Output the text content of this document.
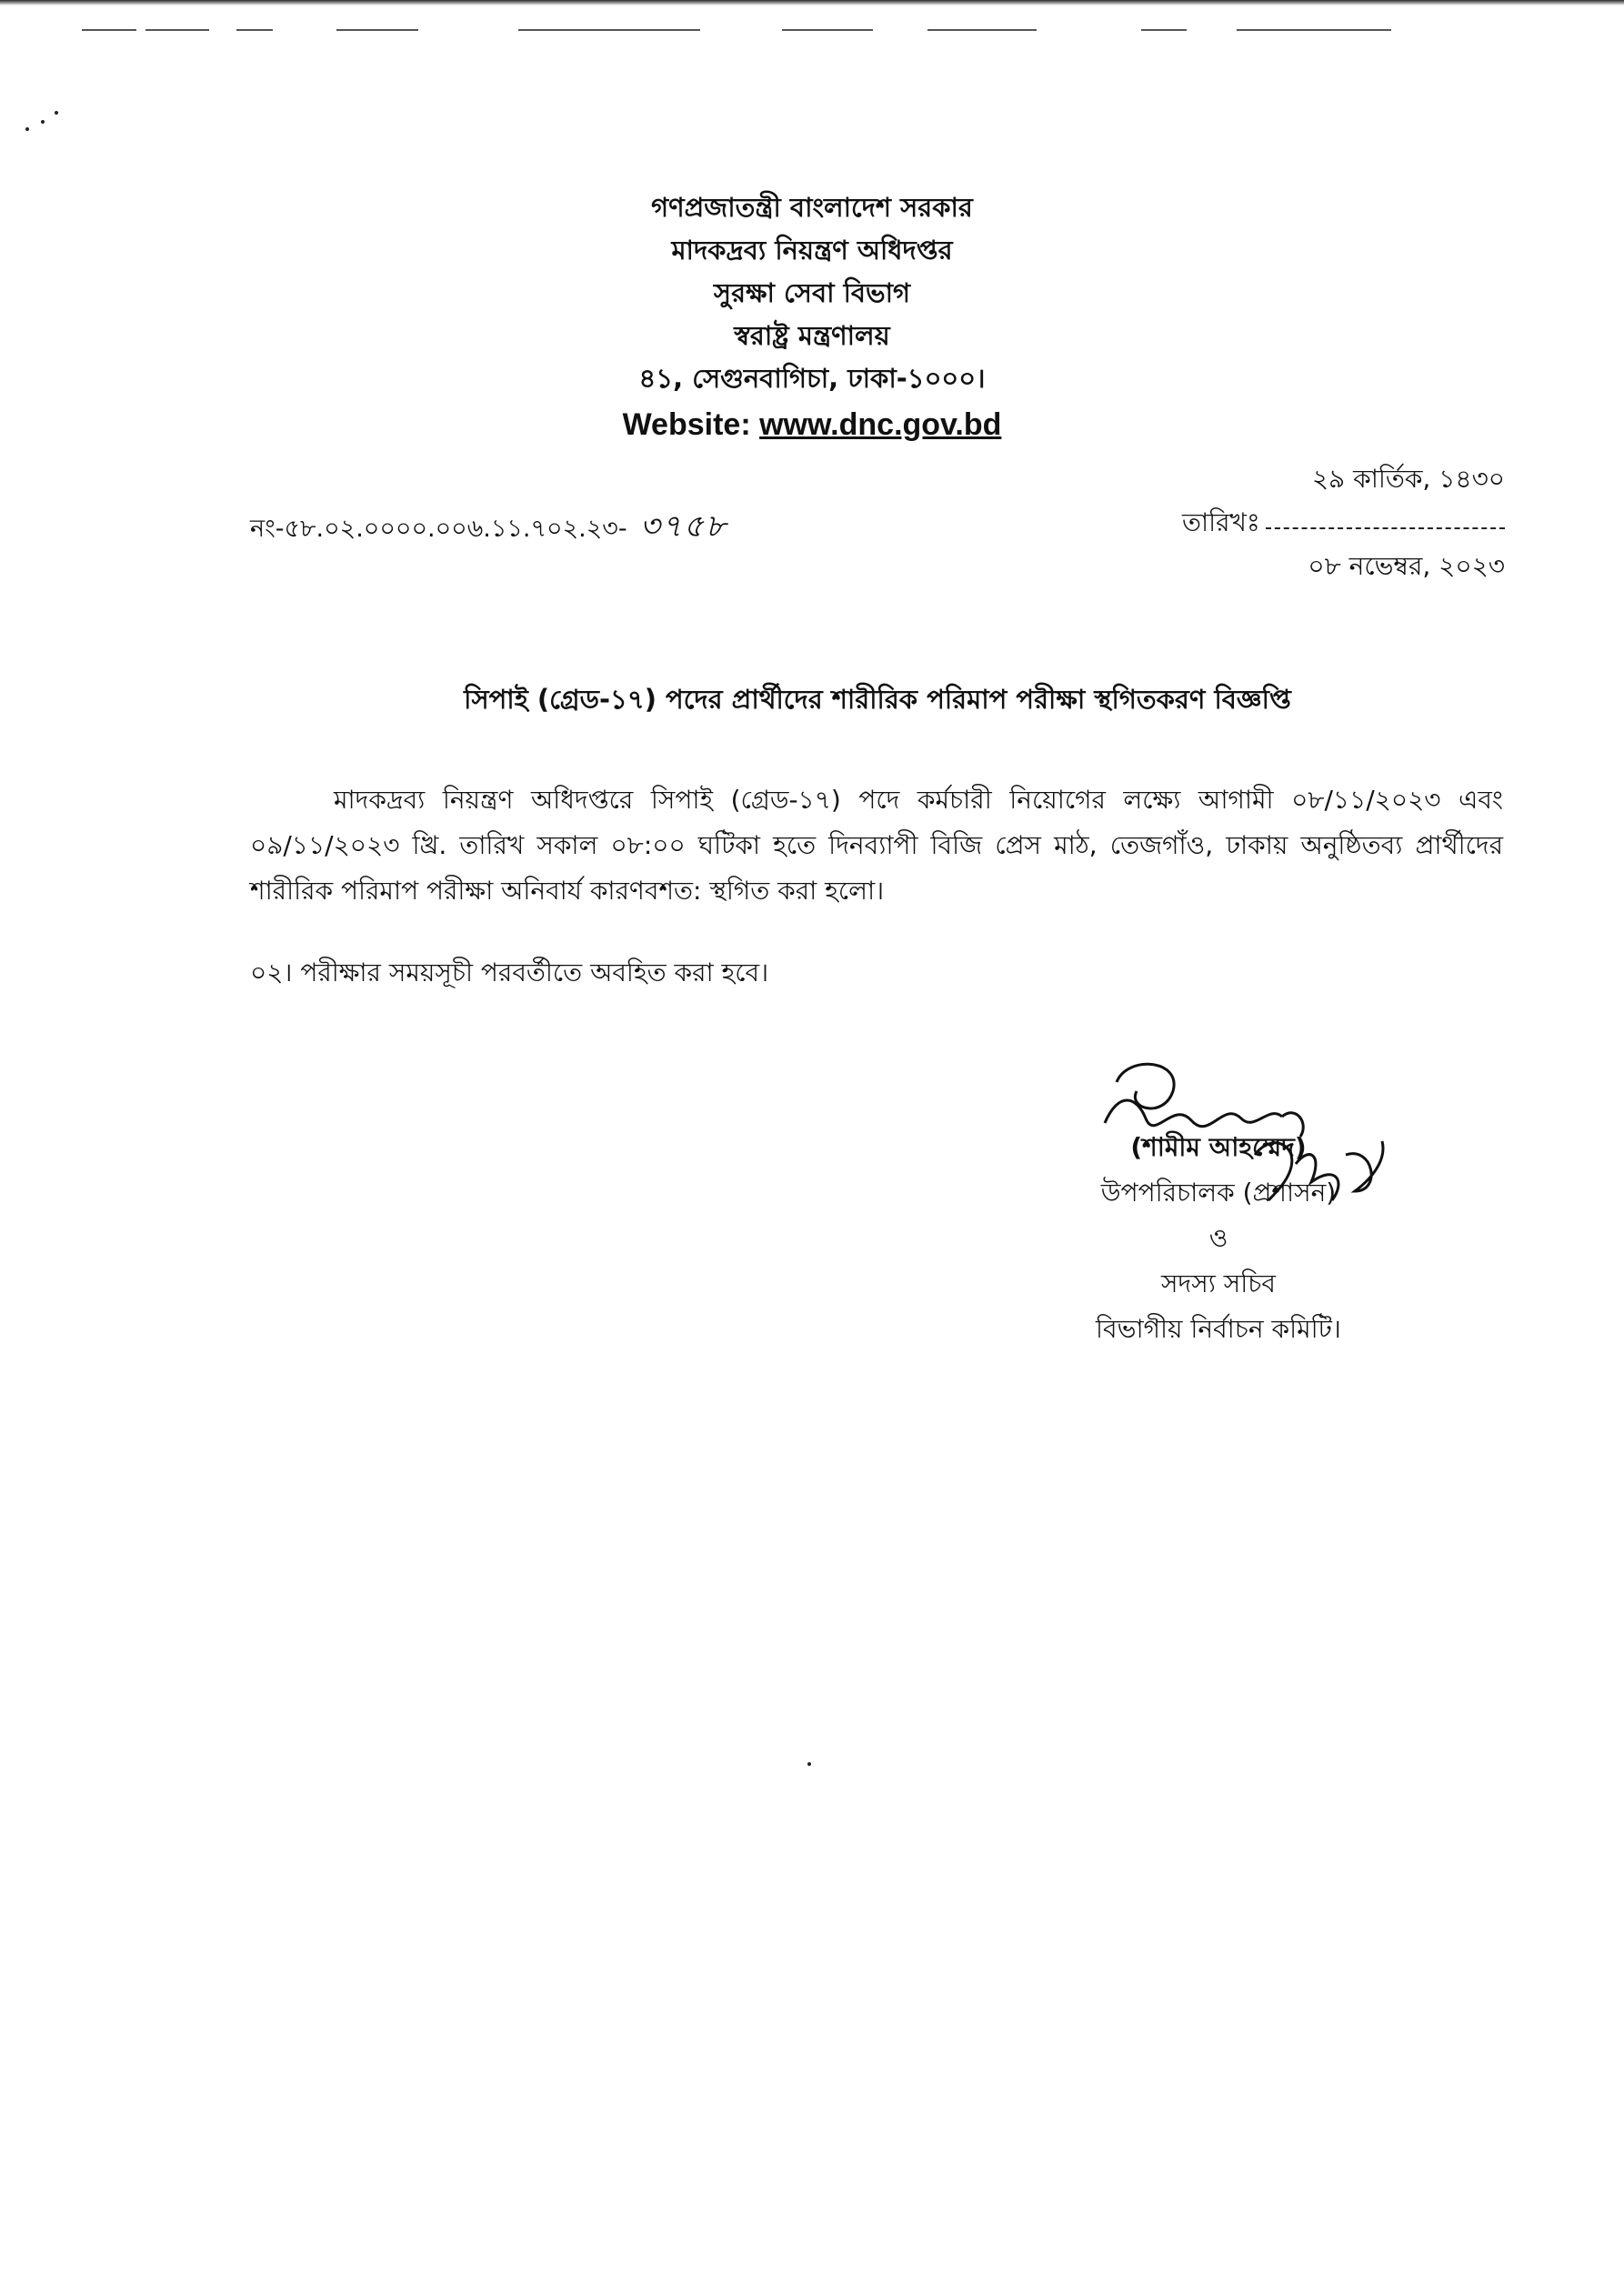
গণপ্রজাতন্ত্রী বাংলাদেশ সরকার
মাদকদ্রব্য নিয়ন্ত্রণ অধিদপ্তর
সুরক্ষা সেবা বিভাগ
স্বরাষ্ট্র মন্ত্রণালয়
৪১, সেগুনবাগিচা, ঢাকা-১০০০।
Website: www.dnc.gov.bd
নং-৫৮.০২.০০০০.০০৬.১১.৭০২.২৩- ৩৭৫৮
২৯ কার্তিক, ১৪৩০
তারিখঃ
০৮ নভেম্বর, ২০২৩
সিপাই (গ্রেড-১৭) পদের প্রার্থীদের শারীরিক পরিমাপ পরীক্ষা স্থগিতকরণ বিজ্ঞপ্তি
মাদকদ্রব্য নিয়ন্ত্রণ অধিদপ্তরে সিপাই (গ্রেড-১৭) পদে কর্মচারী নিয়োগের লক্ষ্যে আগামী ০৮/১১/২০২৩ এবং ০৯/১১/২০২৩ খ্রি. তারিখ সকাল ০৮:০০ ঘটিকা হতে দিনব্যাপী বিজি প্রেস মাঠ, তেজগাঁও, ঢাকায় অনুষ্ঠিতব্য প্রার্থীদের শারীরিক পরিমাপ পরীক্ষা অনিবার্য কারণবশত: স্থগিত করা হলো।
০২। পরীক্ষার সময়সূচী পরবর্তীতে অবহিত করা হবে।
(শামীম আহম্মেদ)
উপপরিচালক (প্রশাসন)
ও
সদস্য সচিব
বিভাগীয় নির্বাচন কমিটি।
